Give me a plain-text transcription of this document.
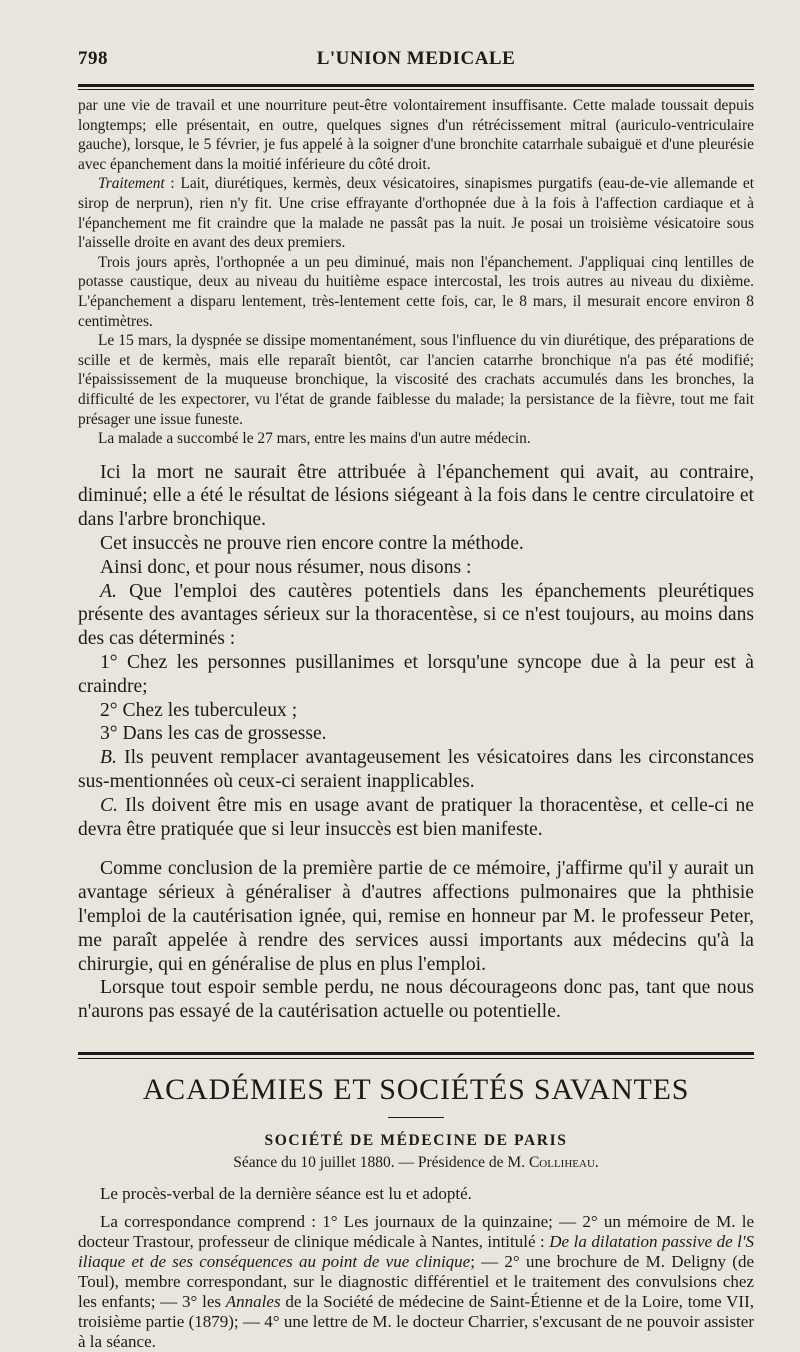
798	L'UNION MEDICALE

par une vie de travail et une nourriture peut-être volontairement insuffisante. Cette malade toussait depuis longtemps; elle présentait, en outre, quelques signes d'un rétrécissement mitral (auriculo-ventriculaire gauche), lorsque, le 5 février, je fus appelé à la soigner d'une bronchite catarrhale subaiguë et d'une pleurésie avec épanchement dans la moitié inférieure du côté droit.

Traitement : Lait, diurétiques, kermès, deux vésicatoires, sinapismes purgatifs (eau-de-vie allemande et sirop de nerprun), rien n'y fit. Une crise effrayante d'orthopnée due à la fois à l'affection cardiaque et à l'épanchement me fit craindre que la malade ne passât pas la nuit. Je posai un troisième vésicatoire sous l'aisselle droite en avant des deux premiers.

Trois jours après, l'orthopnée a un peu diminué, mais non l'épanchement. J'appliquai cinq lentilles de potasse caustique, deux au niveau du huitième espace intercostal, les trois autres au niveau du dixième. L'épanchement a disparu lentement, très-lentement cette fois, car, le 8 mars, il mesurait encore environ 8 centimètres.

Le 15 mars, la dyspnée se dissipe momentanément, sous l'influence du vin diurétique, des préparations de scille et de kermès, mais elle reparaît bientôt, car l'ancien catarrhe bronchique n'a pas été modifié; l'épaississement de la muqueuse bronchique, la viscosité des crachats accumulés dans les bronches, la difficulté de les expectorer, vu l'état de grande faiblesse du malade; la persistance de la fièvre, tout me fait présager une issue funeste.

La malade a succombé le 27 mars, entre les mains d'un autre médecin.

Ici la mort ne saurait être attribuée à l'épanchement qui avait, au contraire, diminué; elle a été le résultat de lésions siégeant à la fois dans le centre circulatoire et dans l'arbre bronchique.

Cet insuccès ne prouve rien encore contre la méthode.

Ainsi donc, et pour nous résumer, nous disons :

A. Que l'emploi des cautères potentiels dans les épanchements pleurétiques présente des avantages sérieux sur la thoracentèse, si ce n'est toujours, au moins dans des cas déterminés :

1° Chez les personnes pusillanimes et lorsqu'une syncope due à la peur est à craindre;

2° Chez les tuberculeux ;

3° Dans les cas de grossesse.

B. Ils peuvent remplacer avantageusement les vésicatoires dans les circonstances sus-mentionnées où ceux-ci seraient inapplicables.

C. Ils doivent être mis en usage avant de pratiquer la thoracentèse, et celle-ci ne devra être pratiquée que si leur insuccès est bien manifeste.

Comme conclusion de la première partie de ce mémoire, j'affirme qu'il y aurait un avantage sérieux à généraliser à d'autres affections pulmonaires que la phthisie l'emploi de la cautérisation ignée, qui, remise en honneur par M. le professeur Peter, me paraît appelée à rendre des services aussi importants aux médecins qu'à la chirurgie, qui en généralise de plus en plus l'emploi.

Lorsque tout espoir semble perdu, ne nous décourageons donc pas, tant que nous n'aurons pas essayé de la cautérisation actuelle ou potentielle.

ACADÉMIES ET SOCIÉTÉS SAVANTES
SOCIÉTÉ DE MÉDECINE DE PARIS
Séance du 10 juillet 1880. — Présidence de M. Colliheau.

Le procès-verbal de la dernière séance est lu et adopté.

La correspondance comprend : 1° Les journaux de la quinzaine; — 2° un mémoire de M. le docteur Trastour, professeur de clinique médicale à Nantes, intitulé : De la dilatation passive de l'S iliaque et de ses conséquences au point de vue clinique; — 2° une brochure de M. Deligny (de Toul), membre correspondant, sur le diagnostic différentiel et le traitement des convulsions chez les enfants; — 3° les Annales de la Société de médecine de Saint-Étienne et de la Loire, tome VII, troisième partie (1879); — 4° une lettre de M. le docteur Charrier, s'excusant de ne pouvoir assister à la séance.
